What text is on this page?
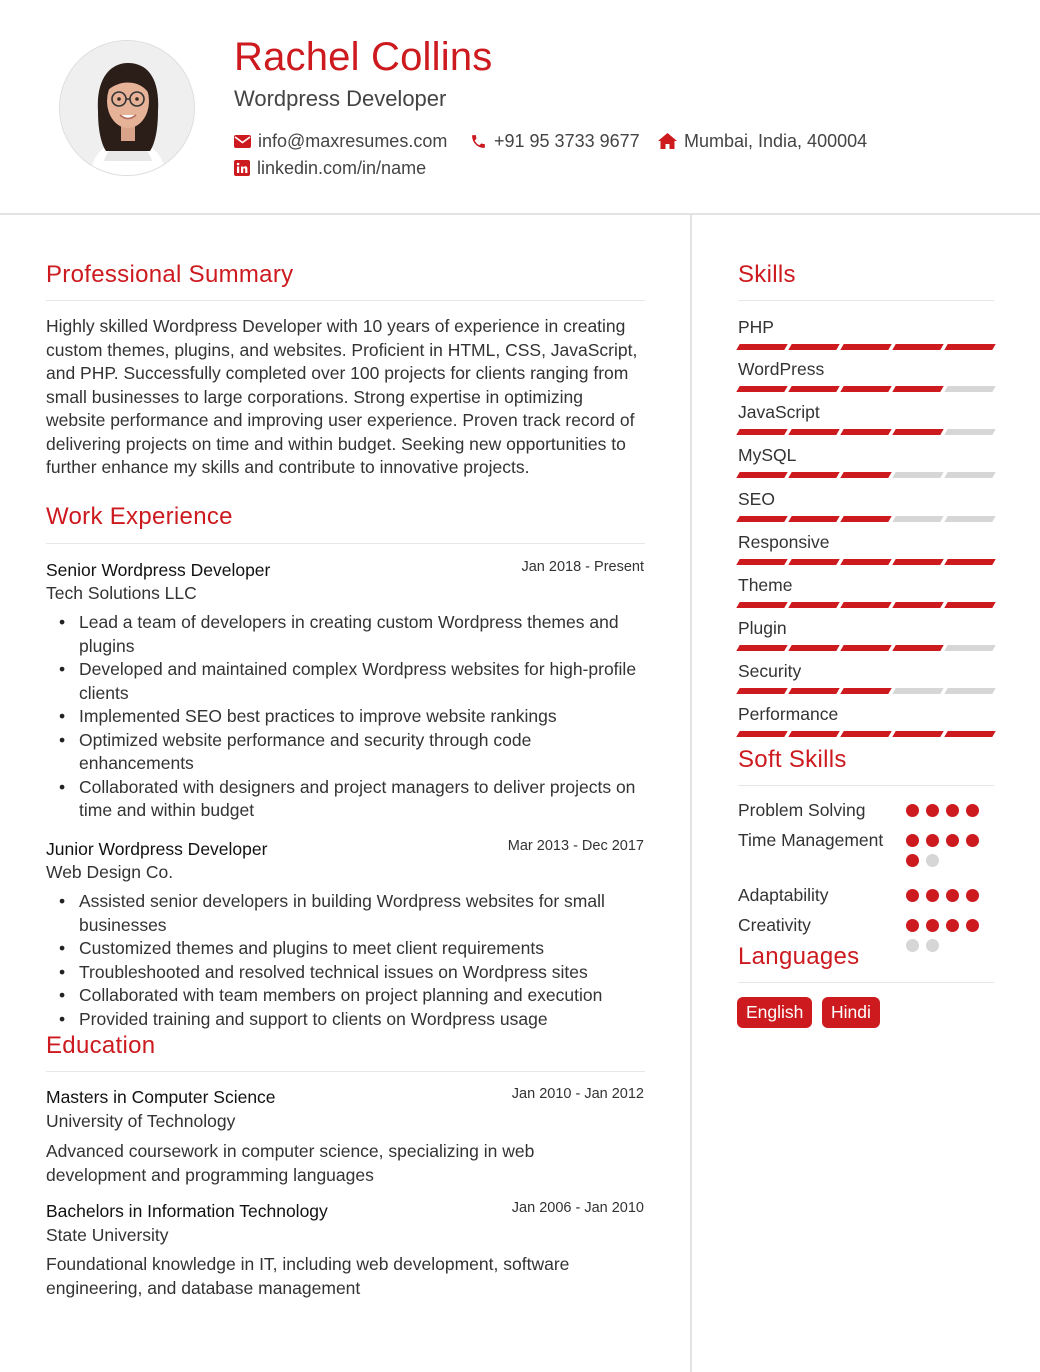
Rachel Collins
Wordpress Developer
info@maxresumes.com	+91 95 3733 9677 Mumbai, India, 400004
linkedin.com/in/name
Professional Summary
Highly skilled Wordpress Developer with 10 years of experience in creating custom themes, plugins, and websites. Proficient in HTML, CSS, JavaScript, and PHP. Successfully completed over 100 projects for clients ranging from small businesses to large corporations. Strong expertise in optimizing website performance and improving user experience. Proven track record of delivering projects on time and within budget. Seeking new opportunities to further enhance my skills and contribute to innovative projects.
Work Experience
Senior Wordpress Developer	Jan 2018 - Present
Tech Solutions LLC
• Lead a team of developers in creating custom Wordpress themes and plugins
• Developed and maintained complex Wordpress websites for high-profile clients
• Implemented SEO best practices to improve website rankings
• Optimized website performance and security through code enhancements
• Collaborated with designers and project managers to deliver projects on time and within budget
Junior Wordpress Developer	Mar 2013 - Dec 2017
Web Design Co.
• Assisted senior developers in building Wordpress websites for small businesses
• Customized themes and plugins to meet client requirements
• Troubleshooted and resolved technical issues on Wordpress sites
• Collaborated with team members on project planning and execution
• Provided training and support to clients on Wordpress usage
Education
Masters in Computer Science	Jan 2010 - Jan 2012
University of Technology
Advanced coursework in computer science, specializing in web development and programming languages
Bachelors in Information Technology	Jan 2006 - Jan 2010
State University
Foundational knowledge in IT, including web development, software engineering, and database management
Skills
PHP
WordPress
JavaScript
MySQL
SEO
Responsive
Theme
Plugin
Security
Performance
Soft Skills
Problem Solving
Time Management
Adaptability
Creativity
Languages
English	Hindi
